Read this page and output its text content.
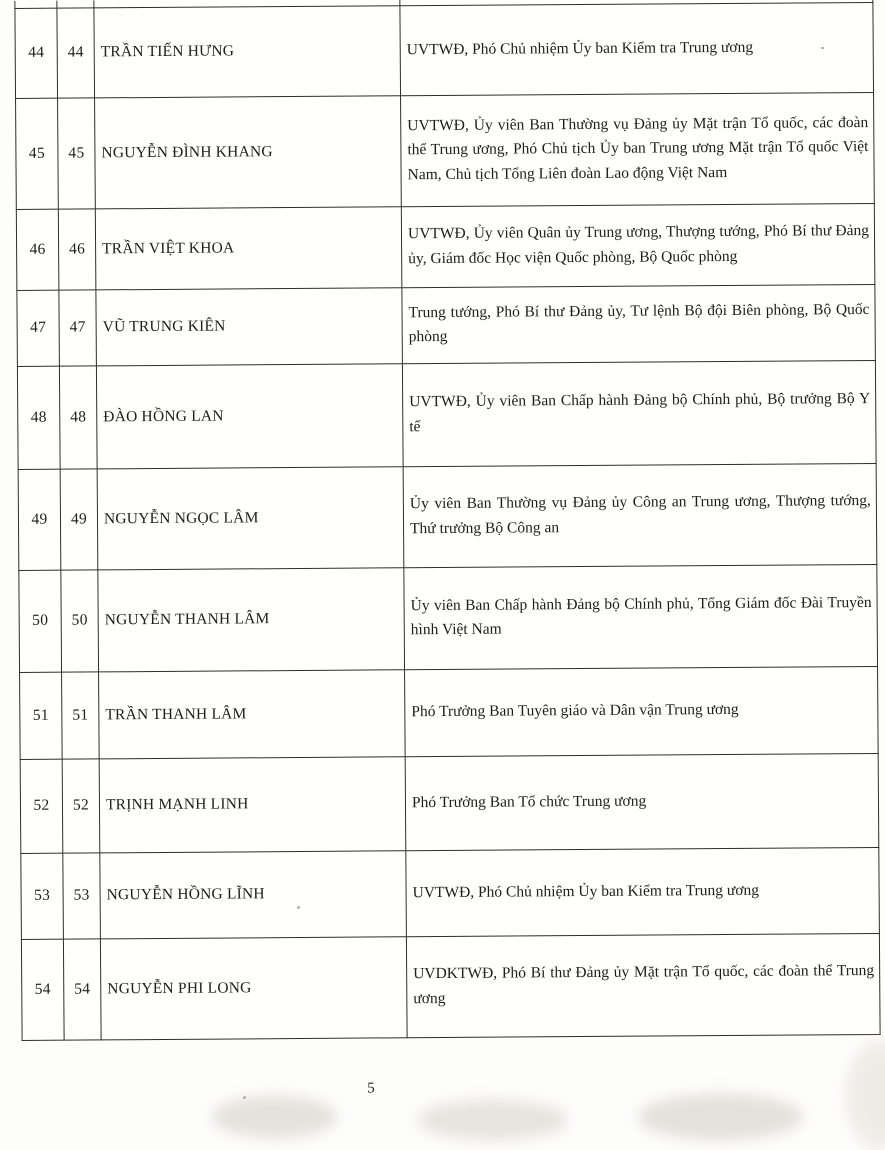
44	44	TRẦN TIẾN HƯNG	UVTWĐ, Phó Chủ nhiệm Ủy ban Kiểm tra Trung ương
45	45	NGUYỄN ĐÌNH KHANG	UVTWĐ, Ủy viên Ban Thường vụ Đảng ủy Mặt trận Tổ quốc, các đoàn thể Trung ương, Phó Chủ tịch Ủy ban Trung ương Mặt trận Tổ quốc Việt Nam, Chủ tịch Tổng Liên đoàn Lao động Việt Nam
46	46	TRẦN VIỆT KHOA	UVTWĐ, Ủy viên Quân ủy Trung ương, Thượng tướng, Phó Bí thư Đảng ủy, Giám đốc Học viện Quốc phòng, Bộ Quốc phòng
47	47	VŨ TRUNG KIÊN	Trung tướng, Phó Bí thư Đảng ủy, Tư lệnh Bộ đội Biên phòng, Bộ Quốc phòng
48	48	ĐÀO HỒNG LAN	UVTWĐ, Ủy viên Ban Chấp hành Đảng bộ Chính phủ, Bộ trưởng Bộ Y tế
49	49	NGUYỄN NGỌC LÂM	Ủy viên Ban Thường vụ Đảng ủy Công an Trung ương, Thượng tướng, Thứ trưởng Bộ Công an
50	50	NGUYỄN THANH LÂM	Ủy viên Ban Chấp hành Đảng bộ Chính phủ, Tổng Giám đốc Đài Truyền hình Việt Nam
51	51	TRẦN THANH LÂM	Phó Trưởng Ban Tuyên giáo và Dân vận Trung ương
52	52	TRỊNH MẠNH LINH	Phó Trưởng Ban Tổ chức Trung ương
53	53	NGUYỄN HỒNG LĨNH	UVTWĐ, Phó Chủ nhiệm Ủy ban Kiểm tra Trung ương
54	54	NGUYỄN PHI LONG	UVDKTWĐ, Phó Bí thư Đảng ủy Mặt trận Tổ quốc, các đoàn thể Trung ương
5
